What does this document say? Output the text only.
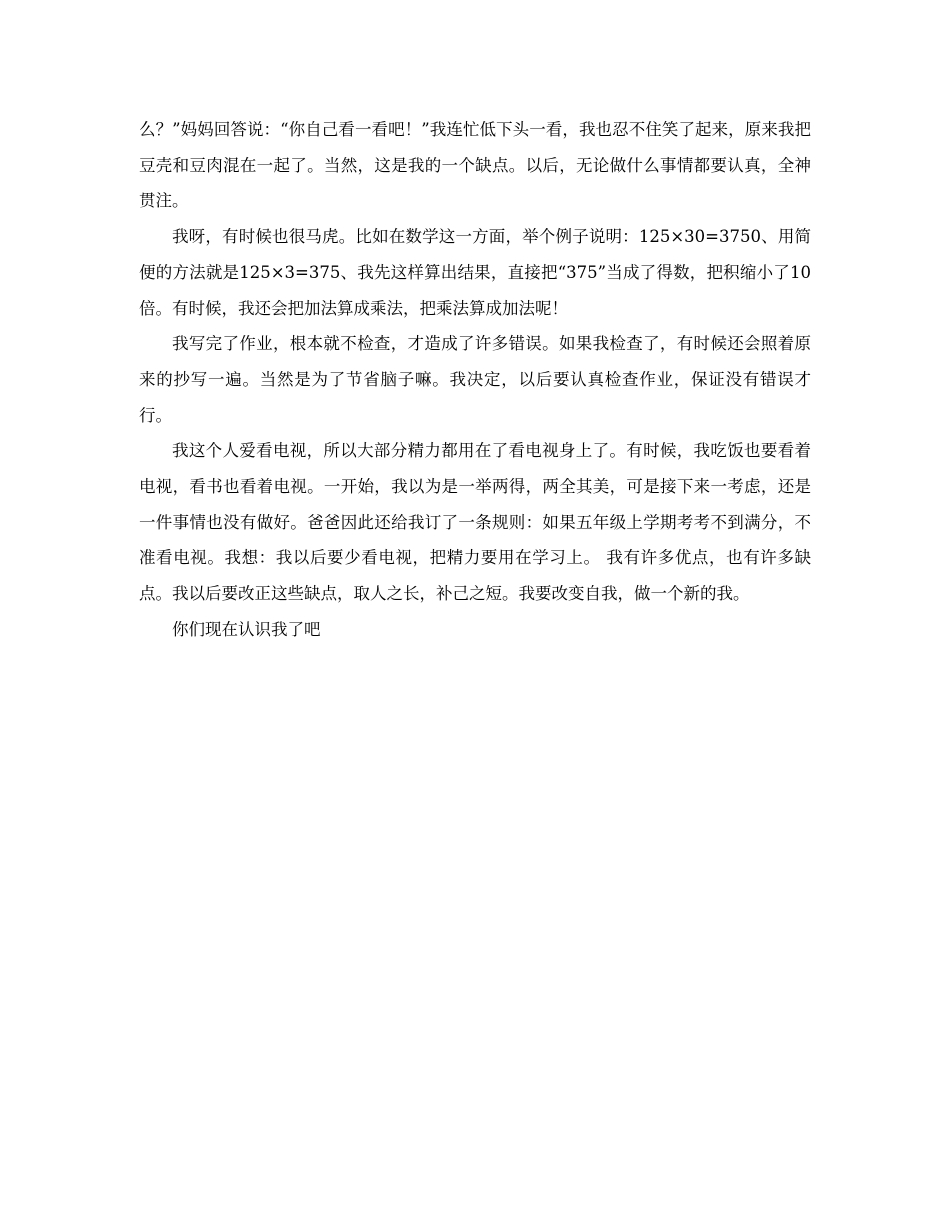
么？”妈妈回答说：“你自己看一看吧！”我连忙低下头一看，我也忍不住笑了起来，原来我把豆壳和豆肉混在一起了。当然，这是我的一个缺点。以后，无论做什么事情都要认真，全神贯注。

我呀，有时候也很马虎。比如在数学这一方面，举个例子说明：125×30=3750、用简便的方法就是125×3=375、我先这样算出结果，直接把“375”当成了得数，把积缩小了10倍。有时候，我还会把加法算成乘法，把乘法算成加法呢！

我写完了作业，根本就不检查，才造成了许多错误。如果我检查了，有时候还会照着原来的抄写一遍。当然是为了节省脑子嘛。我决定，以后要认真检查作业，保证没有错误才行。

我这个人爱看电视，所以大部分精力都用在了看电视身上了。有时候，我吃饭也要看着电视，看书也看着电视。一开始，我以为是一举两得，两全其美，可是接下来一考虑，还是一件事情也没有做好。爸爸因此还给我订了一条规则：如果五年级上学期考考不到满分，不准看电视。我想：我以后要少看电视，把精力要用在学习上。 我有许多优点，也有许多缺点。我以后要改正这些缺点，取人之长，补己之短。我要改变自我，做一个新的我。

你们现在认识我了吧
